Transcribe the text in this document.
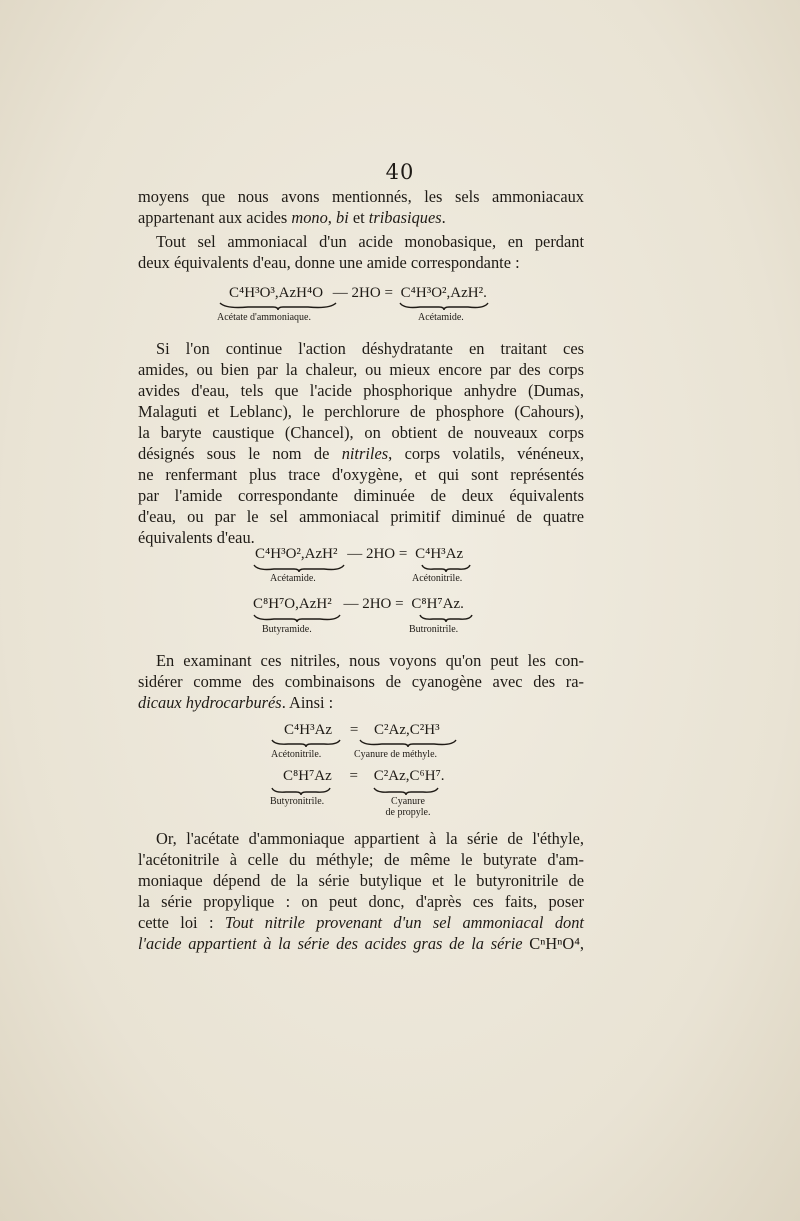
40
moyens que nous avons mentionnés, les sels ammoniacaux
appartenant aux acides mono, bi et tribasiques.
Tout sel ammoniacal d'un acide monobasique, en perdant
deux équivalents d'eau, donne une amide correspondante :
C⁴H³O³,AzH⁴O — 2HO = C⁴H³O²,AzH².
Acétate d'ammoniaque.	Acétamide.
Si l'on continue l'action déshydratante en traitant ces
amides, ou bien par la chaleur, ou mieux encore par des corps
avides d'eau, tels que l'acide phosphorique anhydre (Dumas,
Malaguti et Leblanc), le perchlorure de phosphore (Cahours),
la baryte caustique (Chancel), on obtient de nouveaux corps
désignés sous le nom de nitriles, corps volatils, vénéneux,
ne renfermant plus trace d'oxygène, et qui sont représentés
par l'amide correspondante diminuée de deux équivalents
d'eau, ou par le sel ammoniacal primitif diminué de quatre
équivalents d'eau.
C⁴H³O²,AzH² — 2HO = C⁴H³Az
Acétamide.	Acétonitrile.
C⁸H⁷O,AzH² — 2HO = C⁸H⁷Az.
Butyramide.	Butronitrile.
En examinant ces nitriles, nous voyons qu'on peut les con-
sidérer comme des combinaisons de cyanogène avec des ra-
dicaux hydrocarburés. Ainsi :
C⁴H³Az = C²Az,C²H³
Acétonitrile.	Cyanure de méthyle.
C⁸H⁷Az = C²Az,C⁶H⁷.
Butyronitrile.	Cyanure
de propyle.
Or, l'acétate d'ammoniaque appartient à la série de l'éthyle,
l'acétonitrile à celle du méthyle; de même le butyrate d'am-
moniaque dépend de la série butylique et le butyronitrile de
la série propylique : on peut donc, d'après ces faits, poser
cette loi : Tout nitrile provenant d'un sel ammoniacal dont
l'acide appartient à la série des acides gras de la série CⁿHⁿO⁴,
